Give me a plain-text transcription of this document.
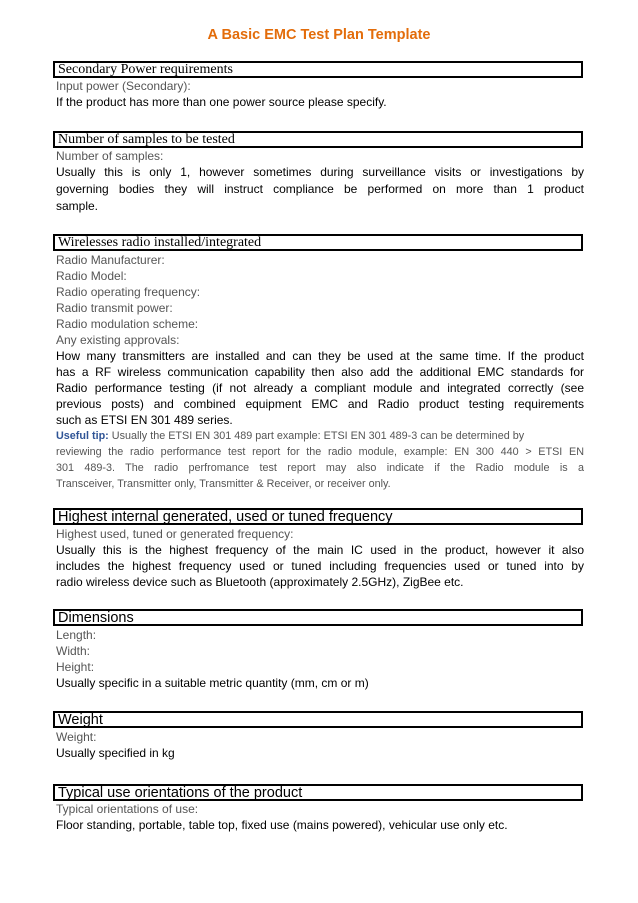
A Basic EMC Test Plan Template
Secondary Power requirements
Input power (Secondary):
If the product has more than one power source please specify.
Number of samples to be tested
Number of samples:
Usually this is only 1, however sometimes during surveillance visits or investigations by
governing bodies they will instruct compliance be performed on more than 1 product
sample.
Wirelesses radio installed/integrated
Radio Manufacturer:
Radio Model:
Radio operating frequency:
Radio transmit power:
Radio modulation scheme:
Any existing approvals:
How many transmitters are installed and can they be used at the same time. If the product
has a RF wireless communication capability then also add the additional EMC standards for
Radio performance testing (if not already a compliant module and integrated correctly (see
previous posts) and combined equipment EMC and Radio product testing requirements
such as ETSI EN 301 489 series.
Useful tip: Usually the ETSI EN 301 489 part example: ETSI EN 301 489-3 can be determined by
reviewing the radio performance test report for the radio module, example: EN 300 440 > ETSI EN
301 489-3. The radio perfromance test report may also indicate if the Radio module is a
Transceiver, Transmitter only, Transmitter & Receiver, or receiver only.
Highest internal generated, used or tuned frequency
Highest used, tuned or generated frequency:
Usually this is the highest frequency of the main IC used in the product, however it also
includes the highest frequency used or tuned including frequencies used or tuned into by
radio wireless device such as Bluetooth (approximately 2.5GHz), ZigBee etc.
Dimensions
Length:
Width:
Height:
Usually specific in a suitable metric quantity (mm, cm or m)
Weight
Weight:
Usually specified in kg
Typical use orientations of the product
Typical orientations of use:
Floor standing, portable, table top, fixed use (mains powered), vehicular use only etc.
